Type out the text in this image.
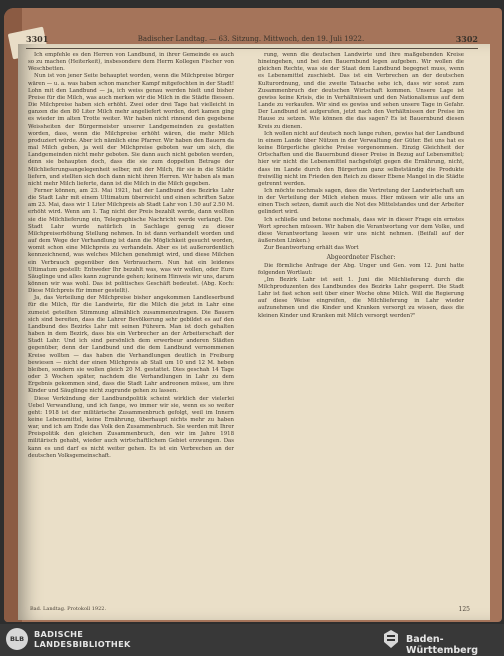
3301	Badischer Landtag. — 63. Sitzung. Mittwoch, den 19. Juli 1922.	3302

Ich empfehle es den Herren von Landbund, in ihrer Gemeinde es auch so zu machen (Heiterkeit), insbesondere dem Herrn Kollegen Fischer von Weschbetten.

Nun ist von jener Seite behauptet worden, wenn die Milchpreise bürger wären — u. a. was haben schon mancher Kampf mitgefochten in der Stadt! Lohn mit den Landbund — ja, ich weiss genau werden hielt und bisher Preise für die Milch, was auch merken wir die Milch in die Städte fliessen. Die Milchpreise haben sich erhöht. Zwei oder drei Tage hat vielleicht in ganzen die den 80 Liter Milch mehr angeliefert worden, dort kamen ging es wieder im alten Trotte weiter. Wir haben nicht rinnend den gegebene Weissheiten der Bürgermeister unserer Landgemeinden zu gestatten worden, dass, wenn die Milchpreise erhöht wären, die mehr Milch produziert würde. Aber ich nämlich eine Pfarrer. Wir haben den Bauern da mal Milch geben, ja weil der Milchpreise geboten war um sich, die Landgemeinden nicht mehr geboten. Sie dann auch nicht geboten werden, denn sie behaupten doch, dass die sie zum doppelten Betrage der Milchlieferungsangelegenheit selber, mit der Milch, für sie in die Städte liefern, und stellten sich doch dann nicht ihren Herren. Wir haben als man nicht mehr Milch lieferte, dann ist die Milch in die Milch gegeben.

Ferner können, am 23. Mai 1921, hat der Landbund des Bezirks Lahr die Stadt Lahr mit einem Ultimatum überreicht und einen schriften Satze am 23. Mai, dass wir 1 Liter Milchpreis ab Stadt Lahr von 1.50 auf 2.50 M. erhöht wird. Wenn am 1. Tag nicht der Preis bezahlt werde, dann wollten sie die Milchlieferung ein, Telegraphische Nachricht werde verlangt. Die Stadt Lahr wurde natürlich in Sachlage genug zu dieser Milchpreiserhöhung Stellung nehmen. In ist dann verhandelt worden und auf dem Wege der Verhandlung ist dann die Möglichkeit gesucht worden, womit schon eine Milchpreis zu verhandeln. Aber es ist außerordentlich kennzeichnend, was welches Milchen genehmigt wird, und diese Milchen ein Verbrauch gegenüber den Verbrauchern. Nun hat ein leidenes Ultimatum gestellt: Entweder Ihr bezahlt was, was wir wollen, oder Eure Säuglinge und alles kann zugrunde gehen; keinem Hinweis wir uns, darum können wir was wohl. Das ist politisches Geschäft bedeutet. (Abg. Koch: Diese Milchpreis für immer gestellt).

Ja, das Verteilung der Milchpreise bisher angekommen Landleserbund für die Milch, für die Landwirte, für die Milch die jetzt in Lahr eine zumeist geteilten Stimmung allmählich zusammenzutragen. Die Bauern sich sind bereiten, dass die Lahrer Bevölkerung sehr gebildet es auf den Landbund des Bezirks Lahr mit seinen Führern. Man ist doch gehalten haben in dem Bezirk, dass bis ein Verbrecher an der Arbeiterschaft der Stadt Lahr. Und ich sind persönlich dem erwerbeur anderen Städten gegenüber, denn der Landbund und die dem Landbund vernommenen Kreise wollten — das haben die Verhandlungen deutlich in Freiburg bewiesen — nicht der einen Milchpreis ab Stall um 10 und 12 M. heben bleiben, sondern sie wollen gleich 20 M. gestattet. Dies geschah 14 Tage oder 3 Wochen später, nachdem die Verhandlungen in Lahr zu dem Ergebnis gekommen sind, dass die Stadt Lahr andreonen müsse, um ihre Kinder und Säuglinge nicht zugrunde gehen zu lassen.

Diese Verkündung der Landbundpolitik scheint wirklich der vielerlei Uebel Verwandlung, und ich fange, wo immer wir sie, wenn es so weiter geht: 1918 ist der militärische Zusammenbruch gefolgt, weil im Innern keine Lebensmittel, keine Ernährung, überhaupt nichts mehr zu haben war, und ich am Ende das Volk den Zusammenbruch. Sie werden mit Ihrer Preispolitik den gleichen Zusammenbruch, den wir im Jahre 1918 militärisch gehabt, wieder auch wirtschaftlichem Gebiet erzwungen. Das kann es und darf es nicht weiter gehen. Es ist ein Verbrechen an der deutschen Volksgemeinschaft.

rung, wenn die deutschen Landwirte und ihre maßgebenden Kreise hineingehen, und bei den Bauernbund legen aufgeben. Wir wollen die gleichen Rechte, was sie der Staat dem Landbund begegnet muss, wenn es Lebensmittel zuschiebt. Das ist ein Verbrechen an der deutschen Kulturordnung, und die zweite Tatsache sehe ich, dass wir sonst zum Zusammenbruch der deutschen Wirtschaft kommen. Unsere Lage ist gewiss keine Krisis, die in Verhältnissen und den Nationalismus auf dem Lande zu verkaufen. Wir sind es gewiss und sehen unsere Tage in Gefahr. Der Landbund ist aufgerufen, jetzt nach den Verhältnissen der Preise im Hause zu setzen. Wie können die das sagen? Es ist Bauernbund diesen Kreis zu dienen.

Ich wollen nicht auf deutsch noch lange ruhen, gewiss hat der Landbund in einem Lande über Nützen in der Verwaltung der Güter. Bei uns hat es keine Bürgerliche gleiche Preise vorgenommen. Einzig Gleichheit der Ortschaften und die Bauernbund dieser Preise in Bezug auf Lebensmittel; hier wir nicht die Lebensmittel nachgefolgt gegen die Ernährung, nicht, dass im Lande durch den Bürgertum ganz selbstständig die Produkte freiwillig nicht im Frieden den Reich zu dieser Ebene Mangel in die Städte getrennt werden.

Ich möchte nochmals sagen, dass die Vertretung der Landwirtschaft um in der Verteilung der Milch stehen muss. Hier müssen wir alle uns an einen Tisch setzen, damit auch die Not des Mittelstandes und der Arbeiter gelindert wird.

Ich schließe und betone nochmals, dass wir in dieser Frage ein ernstes Wort sprechen müssen. Wir haben die Verantwortung vor dem Volke, und diese Verantwortung lassen wir uns nicht nehmen. (Beifall auf der äußersten Linken.)

Zur Beantwortung erhält das Wort

Abgeordneter Fischer:

Die förmliche Anfrage der Abg. Unger und Gen. vom 12. Juni hatte folgenden Wortlaut:

„Im Bezirk Lahr ist seit 1. Juni die Milchlieferung durch die Milchproduzenten des Landbundes des Bezirks Lahr gesperrt. Die Stadt Lahr ist fast schon seit über einer Woche ohne Milch. Will die Regierung auf diese Weise eingreifen, die Milchlieferung in Lahr wieder aufzunehmen und die Kinder und Kranken versorgt zu wissen, dass die kleinen Kinder und Kranken mit Milch versorgt werden?"

Bad. Landtag. Protokoll 1922.	125
BLB	BADISCHE
LANDESBIBLIOTHEK	Baden-Württemberg
